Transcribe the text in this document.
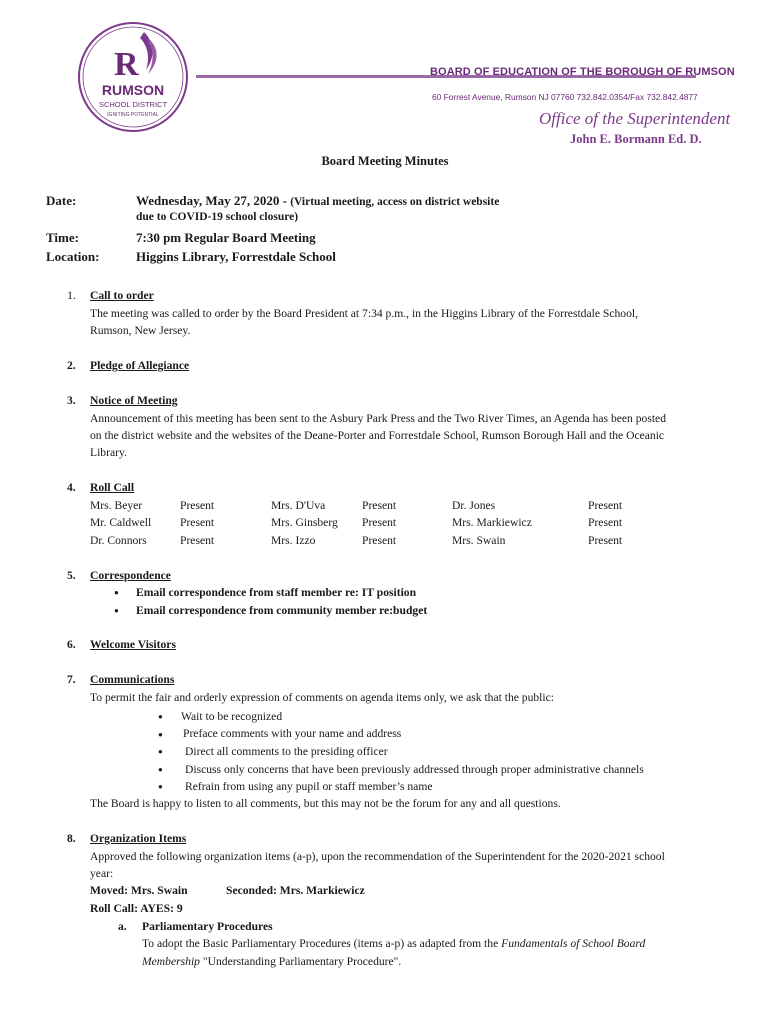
R
RUMSON
SCHOOL DISTRICT
IGNITING POTENTIAL
BOARD OF EDUCATION OF THE BOROUGH OF RUMSON
60 Forrest Avenue, Rumson NJ 07760 732.842.0354/Fax 732.842.4877
Office of the Superintendent
John E. Bormann Ed. D.
Board Meeting Minutes
Date:	Wednesday, May 27, 2020 - (Virtual meeting, access on district website
due to COVID-19 school closure)
Time:	7:30 pm Regular Board Meeting
Location:	Higgins Library, Forrestdale School
1. Call to order
The meeting was called to order by the Board President at 7:34 p.m., in the Higgins Library of the Forrestdale School,
Rumson, New Jersey.
2. Pledge of Allegiance
3. Notice of Meeting
Announcement of this meeting has been sent to the Asbury Park Press and the Two River Times, an Agenda has been posted
on the district website and the websites of the Deane-Porter and Forrestdale School, Rumson Borough Hall and the Oceanic
Library.
4. Roll Call
Mrs. Beyer	Present	Mrs. D'Uva	Present	Dr. Jones	Present
Mr. Caldwell Present	Mrs. Ginsberg Present	Mrs. Markiewicz	Present
Dr. Connors	Present	Mrs. Izzo	Present	Mrs. Swain	Present
5. Correspondence
● Email correspondence from staff member re: IT position
● Email correspondence from community member re:budget
6. Welcome Visitors
7. Communications
To permit the fair and orderly expression of comments on agenda items only, we ask that the public:
● Wait to be recognized
● Preface comments with your name and address
● Direct all comments to the presiding officer
● Discuss only concerns that have been previously addressed through proper administrative channels
● Refrain from using any pupil or staff member’s name
The Board is happy to listen to all comments, but this may not be the forum for any and all questions.
8. Organization Items
Approved the following organization items (a-p), upon the recommendation of the Superintendent for the 2020-2021 school
year:
Moved: Mrs. Swain	Seconded: Mrs. Markiewicz
Roll Call: AYES: 9
a. Parliamentary Procedures
To adopt the Basic Parliamentary Procedures (items a-p) as adapted from the Fundamentals of School Board
Membership "Understanding Parliamentary Procedure".
